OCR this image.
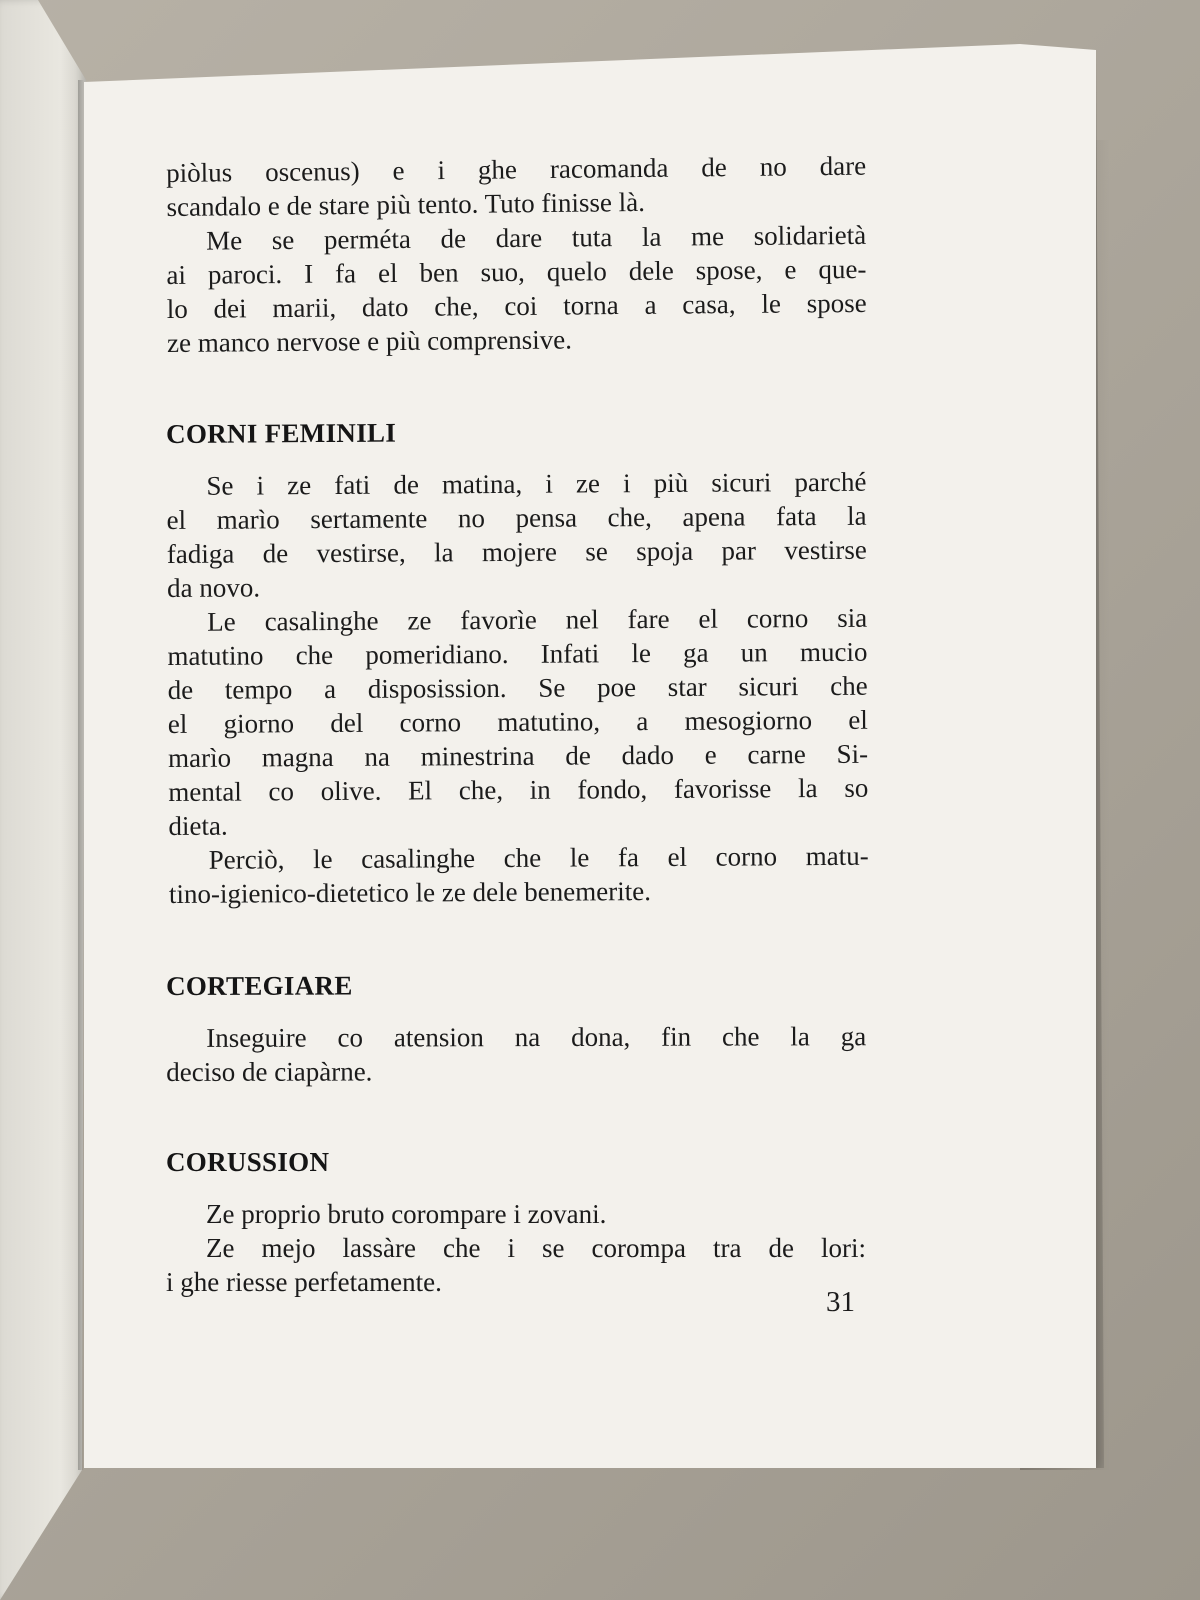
piòlus oscenus) e i ghe racomanda de no dare
scandalo e de stare più tento. Tuto finisse là.
Me se perméta de dare tuta la me solidarietà
ai paroci. I fa el ben suo, quelo dele spose, e que-
lo dei marii, dato che, coi torna a casa, le spose
ze manco nervose e più comprensive.
CORNI FEMINILI
Se i ze fati de matina, i ze i più sicuri parché
el marìo sertamente no pensa che, apena fata la
fadiga de vestirse, la mojere se spoja par vestirse
da novo.
Le casalinghe ze favorìe nel fare el corno sia
matutino che pomeridiano. Infati le ga un mucio
de tempo a disposission. Se poe star sicuri che
el giorno del corno matutino, a mesogiorno el
marìo magna na minestrina de dado e carne Si-
mental co olive. El che, in fondo, favorisse la so
dieta.
Perciò, le casalinghe che le fa el corno matu-
tino-igienico-dietetico le ze dele benemerite.
CORTEGIARE
Inseguire co atension na dona, fin che la ga
deciso de ciapàrne.
CORUSSION
Ze proprio bruto corompare i zovani.
Ze mejo lassàre che i se corompa tra de lori:
i ghe riesse perfetamente.
31
